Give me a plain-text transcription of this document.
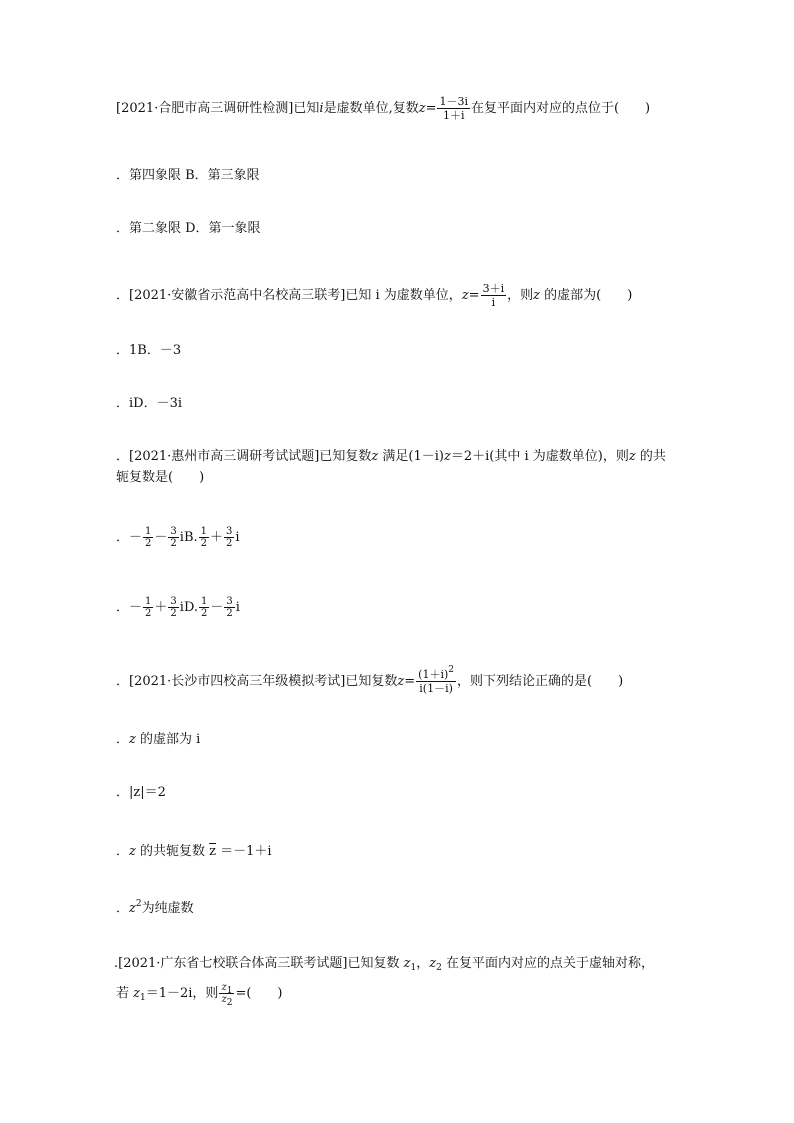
[2021·合肥市高三调研性检测]已知i是虚数单位,复数$z= \frac{1-3i}{1+i}$ 在复平面内对应的点位于(　　)
．第四象限 B．第三象限
．第二象限 D．第一象限
．[2021·安徽省示范高中名校高三联考]已知 i 为虚数单位，$z= \frac{3+i}{i}$ ，则z 的虚部为(　　)
．1B．－3
．iD．－3i
．[2021·惠州市高三调研考试试题]已知复数z 满足(1－i)z＝2＋i(其中 i 为虚数单位)，则z 的共
轭复数是(　　)
．－ $\frac{1}{2} - \frac{3}{2}$ iB. $\frac{1}{2} + \frac{3}{2}$ i
．－ $\frac{1}{2} + \frac{3}{2}$ iD. $\frac{1}{2} - \frac{3}{2}$ i
．[2021·长沙市四校高三年级模拟考试]已知复数$z= \frac{(1+i)^2}{i(1-i)}$ ，则下列结论正确的是(　　)
．z 的虚部为 i
．|z|＝2
．z 的共轭复数 $\overline{z} =-1+i$
．$z^2$为纯虚数
.[2021·广东省七校联合体高三联考试题]已知复数 $z_1$，$z_2$ 在复平面内对应的点关于虚轴对称，
若 $z_1=1-2i$，则 $\frac{z_1}{z_2}$ =(　　)
